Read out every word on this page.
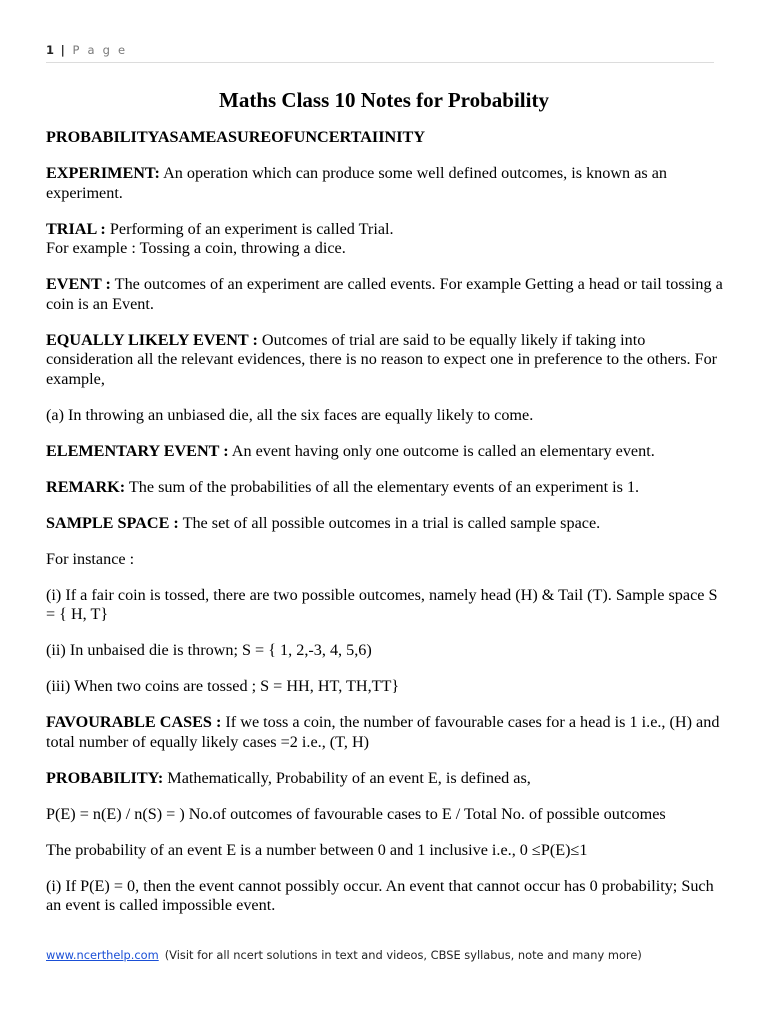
1 | P a g e
Maths Class 10 Notes for Probability

PROBABILITYASAMEASUREOFUNCERTAIINITY

EXPERIMENT: An operation which can produce some well defined outcomes, is known as an experiment.

TRIAL : Performing of an experiment is called Trial.
For example : Tossing a coin, throwing a dice.

EVENT : The outcomes of an experiment are called events. For example Getting a head or tail tossing a coin is an Event.

EQUALLY LIKELY EVENT : Outcomes of trial are said to be equally likely if taking into consideration all the relevant evidences, there is no reason to expect one in preference to the others. For example,

(a) In throwing an unbiased die, all the six faces are equally likely to come.

ELEMENTARY EVENT : An event having only one outcome is called an elementary event.

REMARK: The sum of the probabilities of all the elementary events of an experiment is 1.

SAMPLE SPACE : The set of all possible outcomes in a trial is called sample space.

For instance :

(i) If a fair coin is tossed, there are two possible outcomes, namely head (H) & Tail (T). Sample space S = { H, T}

(ii) In unbaised die is thrown; S = { 1, 2,-3, 4, 5,6)

(iii) When two coins are tossed ; S = HH, HT, TH,TT}

FAVOURABLE CASES : If we toss a coin, the number of favourable cases for a head is 1 i.e., (H) and total number of equally likely cases =2 i.e., (T, H)

PROBABILITY: Mathematically, Probability of an event E, is defined as,

P(E) = n(E) / n(S) = ) No.of outcomes of favourable cases to E / Total No. of possible outcomes

The probability of an event E is a number between 0 and 1 inclusive i.e., 0 ≤P(E)≤1

(i) If P(E) = 0, then the event cannot possibly occur. An event that cannot occur has 0 probability; Such an event is called impossible event.

www.ncerthelp.com (Visit for all ncert solutions in text and videos, CBSE syllabus, note and many more)
